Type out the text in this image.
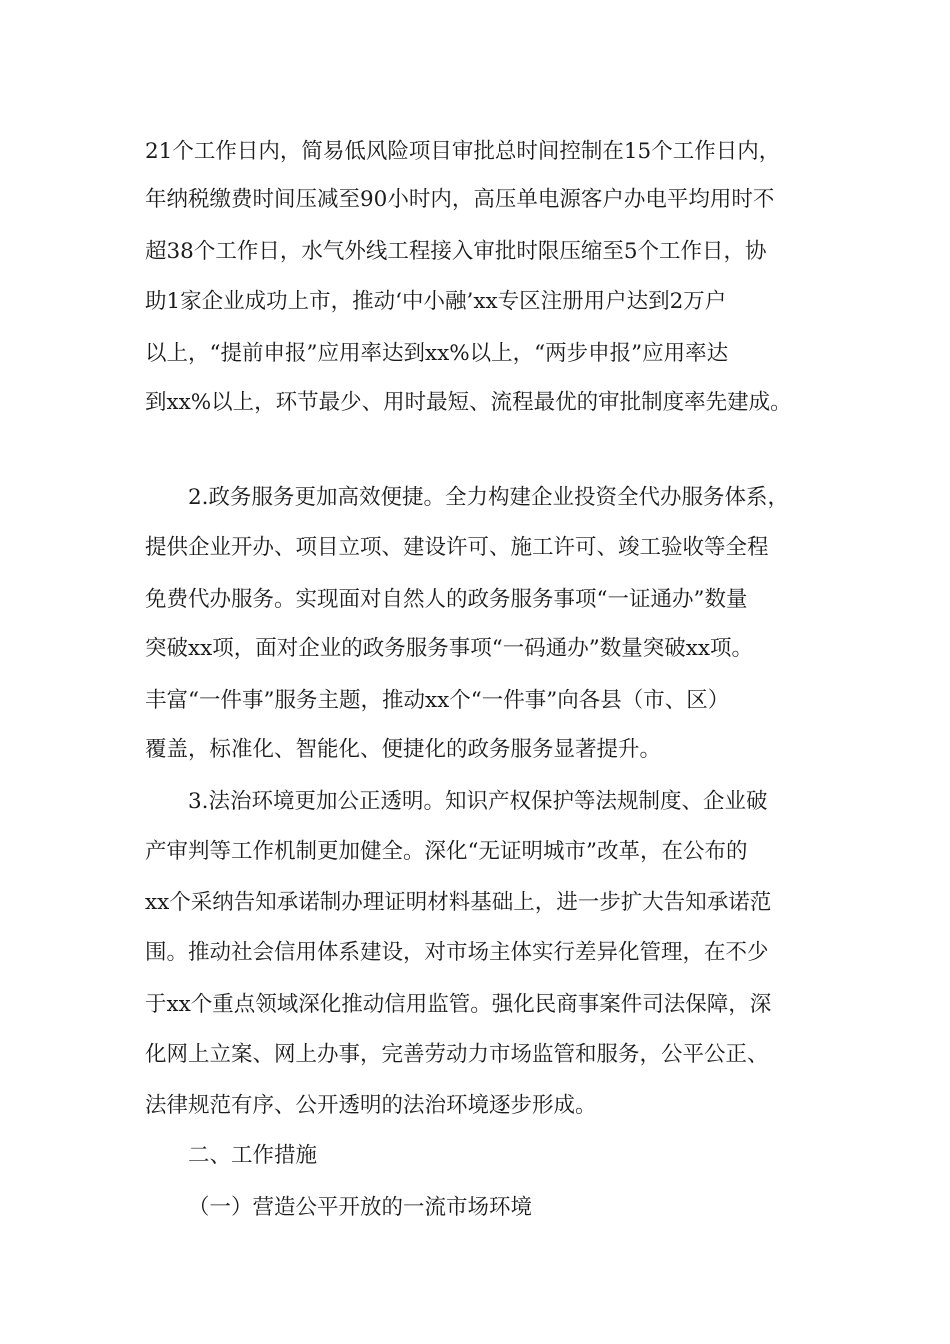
21个工作日内，简易低风险项目审批总时间控制在15个工作日内，
年纳税缴费时间压减至90小时内，高压单电源客户办电平均用时不
超38个工作日，水气外线工程接入审批时限压缩至5个工作日，协
助1家企业成功上市，推动‘中小融’xx专区注册用户达到2万户
以上，“提前申报”应用率达到xx%以上，“两步申报”应用率达
到xx%以上，环节最少、用时最短、流程最优的审批制度率先建成。
2.政务服务更加高效便捷。全力构建企业投资全代办服务体系，
提供企业开办、项目立项、建设许可、施工许可、竣工验收等全程
免费代办服务。实现面对自然人的政务服务事项“一证通办”数量
突破xx项，面对企业的政务服务事项“一码通办”数量突破xx项。
丰富“一件事”服务主题，推动xx个“一件事”向各县（市、区）
覆盖，标准化、智能化、便捷化的政务服务显著提升。
3.法治环境更加公正透明。知识产权保护等法规制度、企业破
产审判等工作机制更加健全。深化“无证明城市”改革，在公布的
xx个采纳告知承诺制办理证明材料基础上，进一步扩大告知承诺范
围。推动社会信用体系建设，对市场主体实行差异化管理，在不少
于xx个重点领域深化推动信用监管。强化民商事案件司法保障，深
化网上立案、网上办事，完善劳动力市场监管和服务，公平公正、
法律规范有序、公开透明的法治环境逐步形成。
二、工作措施
（一）营造公平开放的一流市场环境
